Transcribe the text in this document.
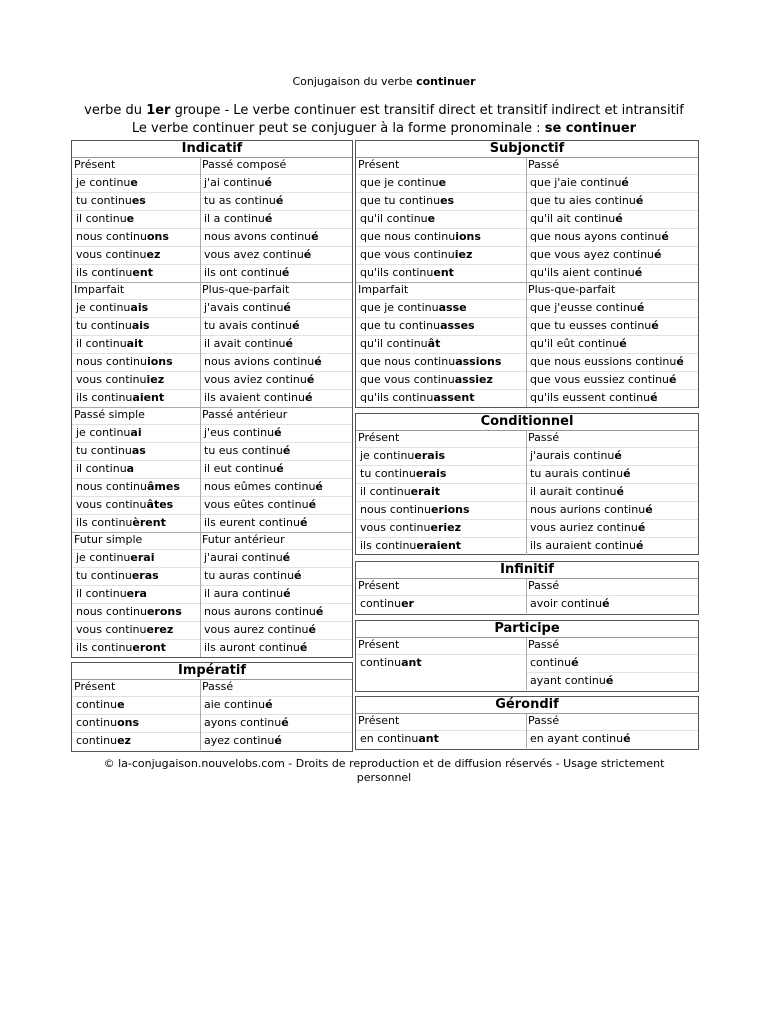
Conjugaison du verbe continuer
verbe du 1er groupe - Le verbe continuer est transitif direct et transitif indirect et intransitif
Le verbe continuer peut se conjuguer à la forme pronominale : se continuer
Indicatif
Présent
je continue
tu continues
il continue
nous continuons
vous continuez
ils continuent
Passé composé
j'ai continué
tu as continué
il a continué
nous avons continué
vous avez continué
ils ont continué
Imparfait
je continuais
tu continuais
il continuait
nous continuions
vous continuiez
ils continuaient
Plus-que-parfait
j'avais continué
tu avais continué
il avait continué
nous avions continué
vous aviez continué
ils avaient continué
Passé simple
je continuai
tu continuas
il continua
nous continuâmes
vous continuâtes
ils continuèrent
Passé antérieur
j'eus continué
tu eus continué
il eut continué
nous eûmes continué
vous eûtes continué
ils eurent continué
Futur simple
je continuerai
tu continueras
il continuera
nous continuerons
vous continuerez
ils continueront
Futur antérieur
j'aurai continué
tu auras continué
il aura continué
nous aurons continué
vous aurez continué
ils auront continué
Impératif
Présent
continue
continuons
continuez
Passé
aie continué
ayons continué
ayez continué
Subjonctif
Présent
que je continue
que tu continues
qu'il continue
que nous continuions
que vous continuiez
qu'ils continuent
Passé
que j'aie continué
que tu aies continué
qu'il ait continué
que nous ayons continué
que vous ayez continué
qu'ils aient continué
Imparfait
que je continuasse
que tu continuasses
qu'il continuât
que nous continuassions
que vous continuassiez
qu'ils continuassent
Plus-que-parfait
que j'eusse continué
que tu eusses continué
qu'il eût continué
que nous eussions continué
que vous eussiez continué
qu'ils eussent continué
Conditionnel
Présent
je continuerais
tu continuerais
il continuerait
nous continuerions
vous continueriez
ils continueraient
Passé
j'aurais continué
tu aurais continué
il aurait continué
nous aurions continué
vous auriez continué
ils auraient continué
Infinitif
Présent
continuer
Passé
avoir continué
Participe
Présent
continuant
Passé
continué
ayant continué
Gérondif
Présent
en continuant
Passé
en ayant continué
© la-conjugaison.nouvelobs.com - Droits de reproduction et de diffusion réservés - Usage strictement personnel
